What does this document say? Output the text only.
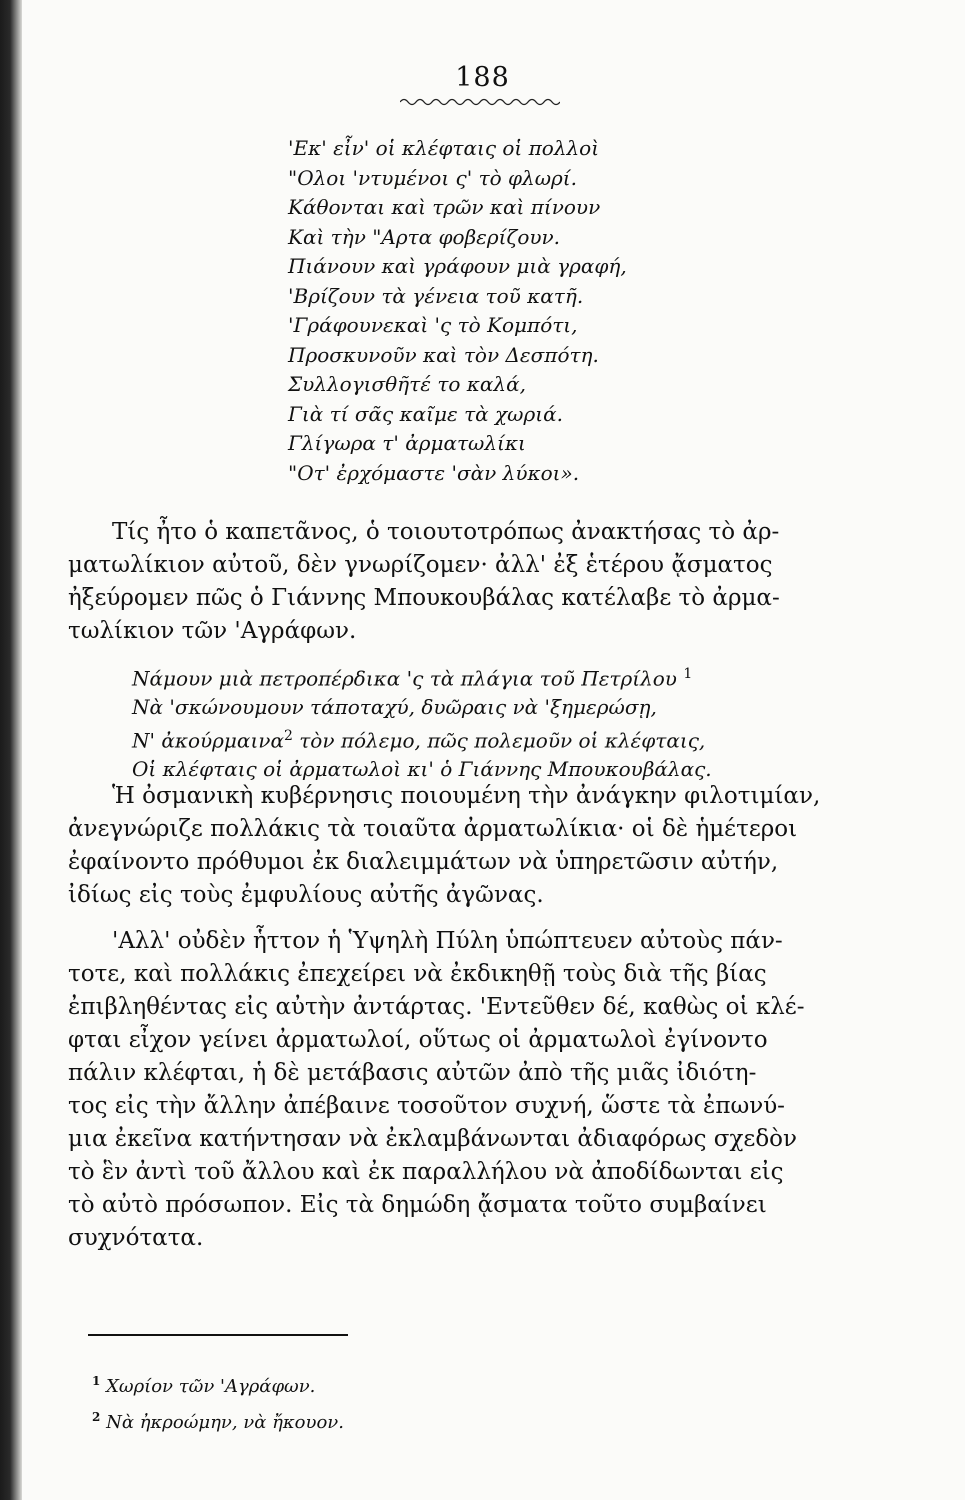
188
'Εκ' εἶν' οἱ κλέφταις οἱ πολλοὶ
"Ολοι 'ντυμένοι ς' τὸ φλωρί.
Κάθονται καὶ τρῶν καὶ πίνουν
Καὶ τὴν "Αρτα φοβερίζουν.
Πιάνουν καὶ γράφουν μιὰ γραφή,
'Βρίζουν τὰ γένεια τοῦ κατῆ.
'Γράφουνεκαὶ 'ς τὸ Κομπότι,
Προσκυνοῦν καὶ τὸν Δεσπότη.
Συλλογισθῆτέ το καλά,
Γιὰ τί σᾶς καῖμε τὰ χωριά.
Γλίγωρα τ' ἀρματωλίκι
"Οτ' ἐρχόμαστε 'σὰν λύκοι».
Τίς ἦτο ὁ καπετᾶνος, ὁ τοιουτοτρόπως ἀνακτήσας τὸ ἀρ-
ματωλίκιον αὐτοῦ, δὲν γνωρίζομεν· ἀλλ' ἐξ ἑτέρου ᾄσματος
ἠξεύρομεν πῶς ὁ Γιάννης Μπουκουβάλας κατέλαβε τὸ ἀρμα-
τωλίκιον τῶν 'Αγράφων.
Νάμουν μιὰ πετροπέρδικα 'ς τὰ πλάγια τοῦ Πετρίλου $^1$
Νὰ 'σκώνουμουν τάποταχύ, δυῶραις νὰ 'ξημερώσῃ,
Ν' ἀκούρμαινα$^2$ τὸν πόλεμο, πῶς πολεμοῦν οἱ κλέφταις,
Οἱ κλέφταις οἱ ἀρματωλοὶ κι' ὁ Γιάννης Μπουκουβάλας.
Ἡ ὀσμανικὴ κυβέρνησις ποιουμένη τὴν ἀνάγκην φιλοτιμίαν,
ἀνεγνώριζε πολλάκις τὰ τοιαῦτα ἀρματωλίκια· οἱ δὲ ἡμέτεροι
ἐφαίνοντο πρόθυμοι ἐκ διαλειμμάτων νὰ ὑπηρετῶσιν αὐτήν,
ἰδίως εἰς τοὺς ἐμφυλίους αὐτῆς ἀγῶνας.
'Αλλ' οὐδὲν ἧττον ἡ Ὑψηλὴ Πύλη ὑπώπτευεν αὐτοὺς πάν-
τοτε, καὶ πολλάκις ἐπεχείρει νὰ ἐκδικηθῇ τοὺς διὰ τῆς βίας
ἐπιβληθέντας εἰς αὐτὴν ἀντάρτας. 'Εντεῦθεν δέ, καθὼς οἱ κλέ-
φται εἶχον γείνει ἀρματωλοί, οὕτως οἱ ἀρματωλοὶ ἐγίνοντο
πάλιν κλέφται, ἡ δὲ μετάβασις αὐτῶν ἀπὸ τῆς μιᾶς ἰδιότη-
τος εἰς τὴν ἄλλην ἀπέβαινε τοσοῦτον συχνή, ὥστε τὰ ἐπωνύ-
μια ἐκεῖνα κατήντησαν νὰ ἐκλαμβάνωνται ἀδιαφόρως σχεδὸν
τὸ ἓν ἀντὶ τοῦ ἄλλου καὶ ἐκ παραλλήλου νὰ ἀποδίδωνται εἰς
τὸ αὐτὸ πρόσωπον. Εἰς τὰ δημώδη ᾄσματα τοῦτο συμβαίνει
συχνότατα.
$^1$ Χωρίον τῶν 'Αγράφων.
$^2$ Νὰ ἠκροώμην, νὰ ἤκουον.
